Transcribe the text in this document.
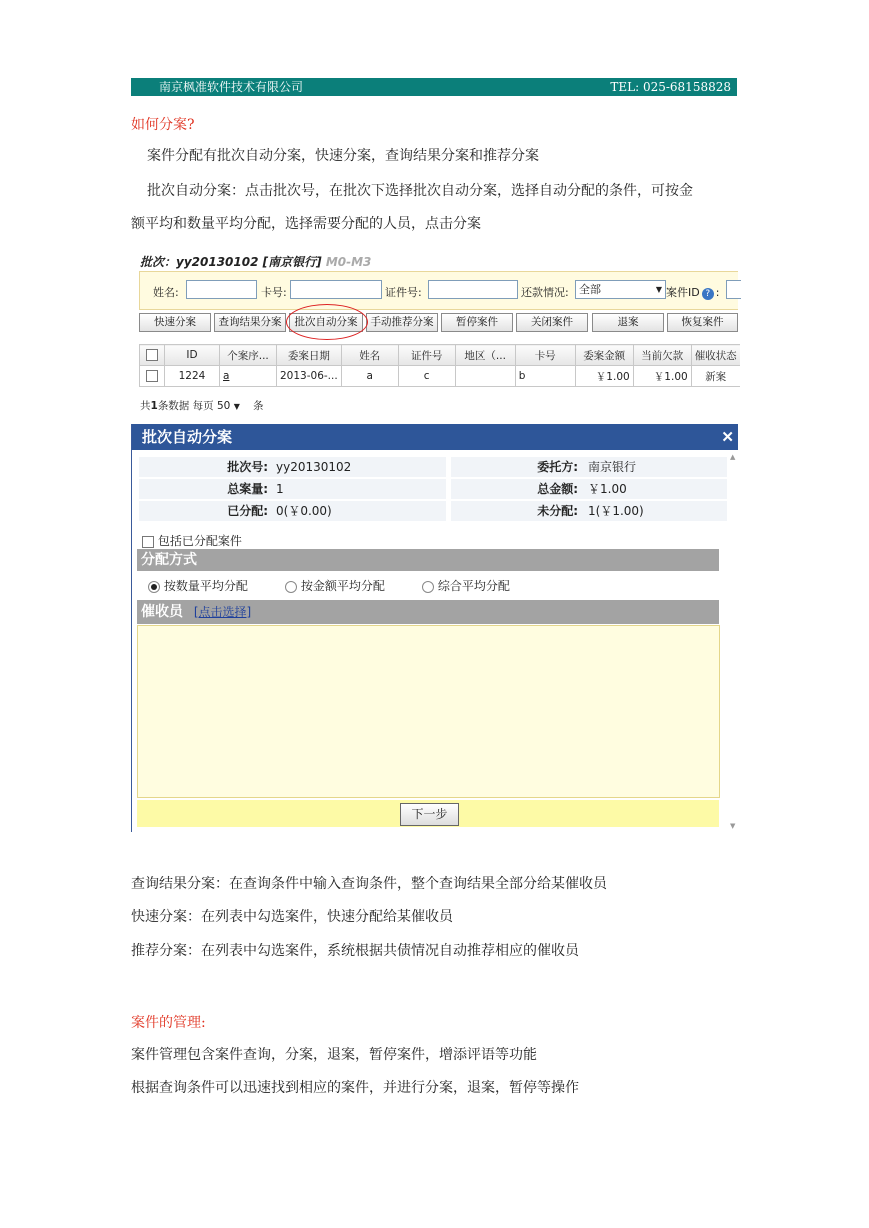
南京枫准软件技术有限公司	TEL: 025-68158828
如何分案?
案件分配有批次自动分案，快速分案，查询结果分案和推荐分案
批次自动分案：点击批次号，在批次下选择批次自动分案，选择自动分配的条件，可按金
额平均和数量平均分配，选择需要分配的人员，点击分案
批次：yy20130102 [南京银行] M0-M3
姓名:	卡号:	证件号:	还款情况: 全部	▼ 案件ID ? :
快速分案	查询结果分案	批次自动分案	手动推荐分案	暂停案件	关闭案件	退案	恢复案件
	ID	个案序...	委案日期	姓名	证件号	地区（...	卡号	委案金额	当前欠款	催收状态
	1224	a	2013-06-...	a	c		b	￥1.00	￥1.00	新案
共1条数据 每页 50 ▼ 条
批次自动分案	✕
批次号: yy20130102	委托方: 南京银行
总案量: 1	总金额: ￥1.00
已分配: 0(￥0.00)	未分配: 1(￥1.00)
包括已分配案件
分配方式
按数量平均分配	按金额平均分配	综合平均分配
催收员 [点击选择]
下一步
▲
▼
查询结果分案：在查询条件中输入查询条件，整个查询结果全部分给某催收员
快速分案：在列表中勾选案件，快速分配给某催收员
推荐分案：在列表中勾选案件，系统根据共债情况自动推荐相应的催收员
案件的管理:
案件管理包含案件查询，分案，退案，暂停案件，增添评语等功能
根据查询条件可以迅速找到相应的案件，并进行分案，退案，暂停等操作
